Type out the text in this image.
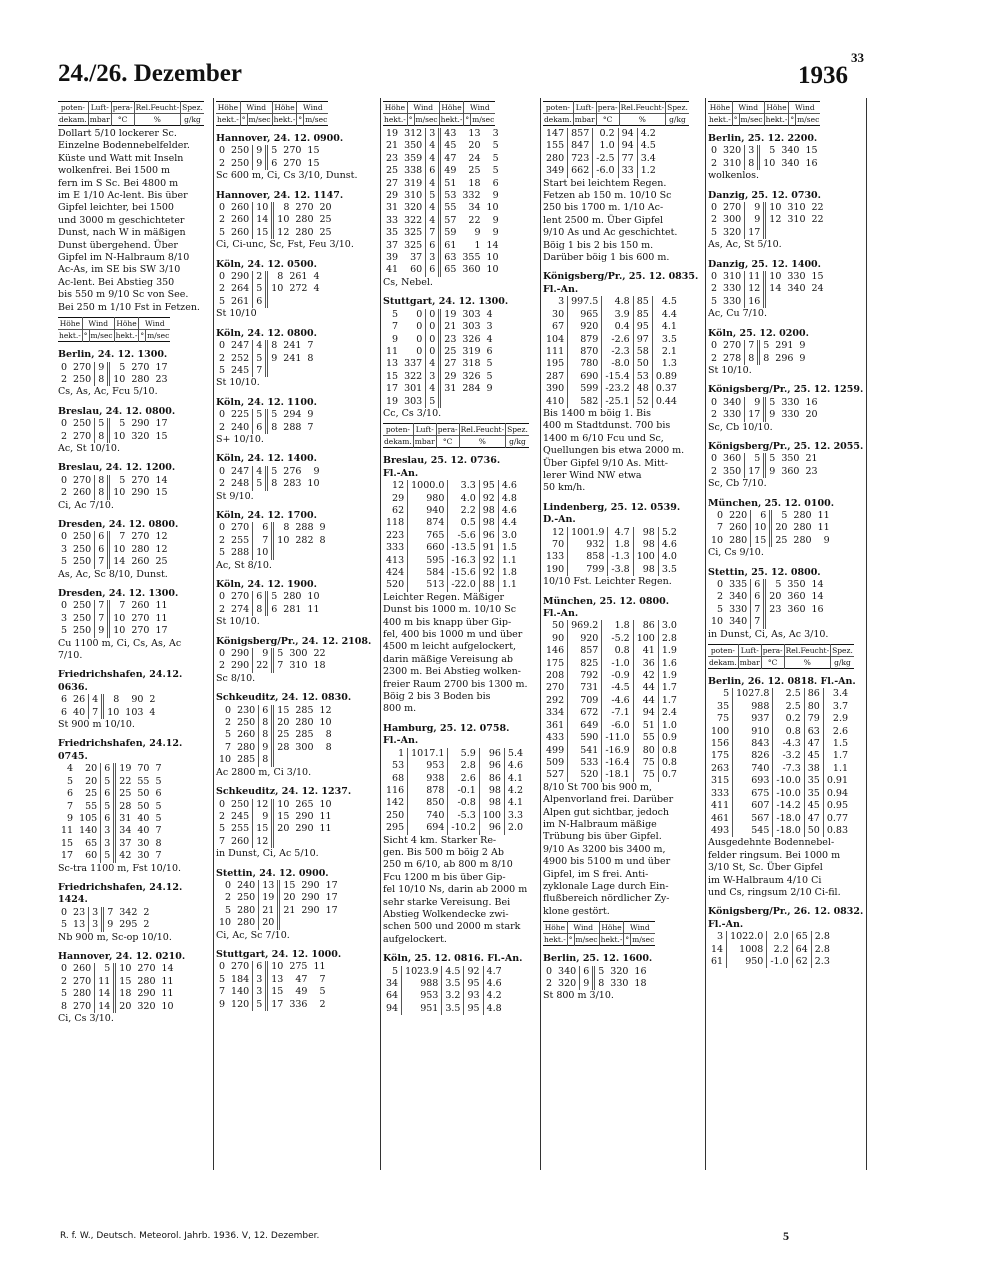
33
24./26. Dezember	1936
poten-	Luft-	pera-	Rel.Feucht-	Spez.
dekam.	mbar	°C	%	g/kg
Dollart 5/10 lockerer Sc.
Einzelne Bodennebelfelder.
Küste und Watt mit Inseln
wolkenfrei. Bei 1500 m
fern im S Sc. Bei 4800 m
im E 1/10 Ac-lent. Bis über
Gipfel leichter, bei 1500
und 3000 m geschichteter
Dunst, nach W in mäßigen
Dunst übergehend. Über
Gipfel im N-Halbraum 8/10
Ac-As, im SE bis SW 3/10
Ac-lent. Bei Abstieg 350
bis 550 m 9/10 Sc von See.
Bei 250 m 1/10 Fst in Fetzen.
Höhe	Wind		Höhe	Wind	
hekt.-	°	m/sec	hekt.-	°	m/sec
Berlin, 24. 12. 1300.
0	270	9	5	270	17
2	250	8	10	280	23
Cs, As, Ac, Fcu 5/10.
Breslau, 24. 12. 0800.
0	250	5	5	290	17
2	270	8	10	320	15
Ac, St 10/10.
Breslau, 24. 12. 1200.
0	270	8	5	270	14
2	260	8	10	290	15
Ci, Ac 7/10.
Dresden, 24. 12. 0800.
0	250	6	7	270	12
3	250	6	10	280	12
5	250	7	14	260	25
As, Ac, Sc 8/10, Dunst.
Dresden, 24. 12. 1300.
0	250	7	7	260	11
3	250	7	10	270	11
5	250	9	10	270	17
Cu 1100 m, Ci, Cs, As, Ac
7/10.
Friedrichshafen, 24.12. 0636.
6	26	4	8	90	2
6	40	7	10	103	4
St 900 m 10/10.
Friedrichshafen, 24.12. 0745.
4	20	6	19	70	7
5	20	5	22	55	5
6	25	6	25	50	6
7	55	5	28	50	5
9	105	6	31	40	5
11	140	3	34	40	7
15	65	3	37	30	8
17	60	5	42	30	7
Sc-tra 1100 m, Fst 10/10.
Friedrichshafen, 24.12. 1424.
0	23	3	7	342	2
5	13	3	9	295	2
Nb 900 m, Sc-op 10/10.
Hannover, 24. 12. 0210.
0	260	5	10	270	14
2	270	11	15	280	11
5	280	14	18	290	11
8	270	14	20	320	10
Ci, Cs 3/10.
Höhe	Wind		Höhe	Wind	
hekt.-	°	m/sec	hekt.-	°	m/sec
Hannover, 24. 12. 0900.
0	250	9	5	270	15
2	250	9	6	270	15
Sc 600 m, Ci, Cs 3/10, Dunst.
Hannover, 24. 12. 1147.
0	260	10	8	270	20
2	260	14	10	280	25
5	260	15	12	280	25
Ci, Ci-unc, Sc, Fst, Feu 3/10.
Köln, 24. 12. 0500.
0	290	2	8	261	4
2	264	5	10	272	4
5	261	6			
St 10/10
Köln, 24. 12. 0800.
0	247	4	8	241	7
2	252	5	9	241	8
5	245	7			
St 10/10.
Köln, 24. 12. 1100.
0	225	5	5	294	9
2	240	6	8	288	7
S+ 10/10.
Köln, 24. 12. 1400.
0	247	4	5	276	9
2	248	5	8	283	10
St 9/10.
Köln, 24. 12. 1700.
0	270	6	8	288	9
2	255	7	10	282	8
5	288	10			
Ac, St 8/10.
Köln, 24. 12. 1900.
0	270	6	5	280	10
2	274	8	6	281	11
St 10/10.
Königsberg/Pr., 24. 12. 2108.
0	290	9	5	300	22
2	290	22	7	310	18
Sc 8/10.
Schkeuditz, 24. 12. 0830.
0	230	6	15	285	12
2	250	8	20	280	10
5	260	8	25	285	8
7	280	9	28	300	8
10	285	8			
Ac 2800 m, Ci 3/10.
Schkeuditz, 24. 12. 1237.
0	250	12	10	265	10
2	245	9	15	290	11
5	255	15	20	290	11
7	260	12			
in Dunst, Ci, Ac 5/10.
Stettin, 24. 12. 0900.
0	240	13	15	290	17
2	250	19	20	290	17
5	280	21	21	290	17
10	280	20			
Ci, Ac, Sc 7/10.
Stuttgart, 24. 12. 1000.
0	270	6	10	275	11
5	184	3	13	47	7
7	140	3	15	49	5
9	120	5	17	336	2
Höhe	Wind		Höhe	Wind	
hekt.-	°	m/sec	hekt.-	°	m/sec
19	312	3	43	13	3
21	350	4	45	20	5
23	359	4	47	24	5
25	338	6	49	25	5
27	319	4	51	18	6
29	310	5	53	332	9
31	320	4	55	34	10
33	322	4	57	22	9
35	325	7	59	9	9
37	325	6	61	1	14
39	37	3	63	355	10
41	60	6	65	360	10
Cs, Nebel.
Stuttgart, 24. 12. 1300.
5	0	0	19	303	4
7	0	0	21	303	3
9	0	0	23	326	4
11	0	0	25	319	6
13	337	4	27	318	5
15	322	3	29	326	5
17	301	4	31	284	9
19	303	5			
Cc, Cs 3/10.
poten-	Luft-	pera-	Rel.Feucht-	Spez.
dekam.	mbar	°C	%	g/kg
Breslau, 25. 12. 0736.
Fl.-An.
12	1000.0	3.3	95	4.6
29	980	4.0	92	4.8
62	940	2.2	98	4.6
118	874	0.5	98	4.4
223	765	-5.6	96	3.0
333	660	-13.5	91	1.5
413	595	-16.3	92	1.1
424	584	-15.6	92	1.8
520	513	-22.0	88	1.1
Leichter Regen. Mäßiger
Dunst bis 1000 m. 10/10 Sc
400 m bis knapp über Gip-
fel, 400 bis 1000 m und über
4500 m leicht aufgelockert,
darin mäßige Vereisung ab
2300 m. Bei Abstieg wolken-
freier Raum 2700 bis 1300 m.
Böig 2 bis 3 Boden bis
800 m.
Hamburg, 25. 12. 0758.
Fl.-An.
1	1017.1	5.9	96	5.4
53	953	2.8	96	4.6
68	938	2.6	86	4.1
116	878	-0.1	98	4.2
142	850	-0.8	98	4.1
250	740	-5.3	100	3.3
295	694	-10.2	96	2.0
Sicht 4 km. Starker Re-
gen. Bis 500 m böig 2 Ab
250 m 6/10, ab 800 m 8/10
Fcu 1200 m bis über Gip-
fel 10/10 Ns, darin ab 2000 m
sehr starke Vereisung. Bei
Abstieg Wolkendecke zwi-
schen 500 und 2000 m stark
aufgelockert.
Köln, 25. 12. 0816. Fl.-An.
5	1023.9	4.5	92	4.7
34	988	3.5	95	4.6
64	953	3.2	93	4.2
94	951	3.5	95	4.8
poten-	Luft-	pera-	Rel.Feucht-	Spez.
dekam.	mbar	°C	%	g/kg
147	857	0.2	94	4.2
155	847	1.0	94	4.5
280	723	-2.5	77	3.4
349	662	-6.0	33	1.2
Start bei leichtem Regen.
Fetzen ab 150 m. 10/10 Sc
250 bis 1700 m. 1/10 Ac-
lent 2500 m. Über Gipfel
9/10 As und Ac geschichtet.
Böig 1 bis 2 bis 150 m.
Darüber böig 1 bis 600 m.
Königsberg/Pr., 25. 12. 0835.
Fl.-An.
3	997.5	4.8	85	4.5
30	965	3.9	85	4.4
67	920	0.4	95	4.1
104	879	-2.6	97	3.5
111	870	-2.3	58	2.1
195	780	-8.0	50	1.3
287	690	-15.4	53	0.89
390	599	-23.2	48	0.37
410	582	-25.1	52	0.44
Bis 1400 m böig 1. Bis
400 m Stadtdunst. 700 bis
1400 m 6/10 Fcu und Sc,
Quellungen bis etwa 2000 m.
Über Gipfel 9/10 As. Mitt-
lerer Wind NW etwa
50 km/h.
Lindenberg, 25. 12. 0539.
D.-An.
12	1001.9	4.7	98	5.2
70	932	1.8	98	4.6
133	858	-1.3	100	4.0
190	799	-3.8	98	3.5
10/10 Fst. Leichter Regen.
München, 25. 12. 0800.
Fl.-An.
50	969.2	1.8	86	3.0
90	920	-5.2	100	2.8
146	857	0.8	41	1.9
175	825	-1.0	36	1.6
208	792	-0.9	42	1.9
270	731	-4.5	44	1.7
292	709	-4.6	44	1.7
334	672	-7.1	94	2.4
361	649	-6.0	51	1.0
433	590	-11.0	55	0.9
499	541	-16.9	80	0.8
509	533	-16.4	75	0.8
527	520	-18.1	75	0.7
8/10 St 700 bis 900 m,
Alpenvorland frei. Darüber
Alpen gut sichtbar, jedoch
im N-Halbraum mäßige
Trübung bis über Gipfel.
9/10 As 3200 bis 3400 m,
4900 bis 5100 m und über
Gipfel, im S frei. Anti-
zyklonale Lage durch Ein-
flußbereich nördlicher Zy-
klone gestört.
Höhe	Wind		Höhe	Wind	
hekt.-	°	m/sec	hekt.-	°	m/sec
Berlin, 25. 12. 1600.
0	340	6	5	320	16
2	320	9	8	330	18
St 800 m 3/10.
Höhe	Wind		Höhe	Wind	
hekt.-	°	m/sec	hekt.-	°	m/sec
Berlin, 25. 12. 2200.
0	320	3	5	340	15
2	310	8	10	340	16
wolkenlos.
Danzig, 25. 12. 0730.
0	270	9	10	310	22
2	300	9	12	310	22
5	320	17			
As, Ac, St 5/10.
Danzig, 25. 12. 1400.
0	310	11	10	330	15
2	330	12	14	340	24
5	330	16			
Ac, Cu 7/10.
Köln, 25. 12. 0200.
0	270	7	5	291	9
2	278	8	8	296	9
St 10/10.
Königsberg/Pr., 25. 12. 1259.
0	340	9	5	330	16
2	330	17	9	330	20
Sc, Cb 10/10.
Königsberg/Pr., 25. 12. 2055.
0	360	5	5	350	21
2	350	17	9	360	23
Sc, Cb 7/10.
München, 25. 12. 0100.
0	220	6	5	280	11
7	260	10	20	280	11
10	280	15	25	280	9
Ci, Cs 9/10.
Stettin, 25. 12. 0800.
0	335	6	5	350	14
2	340	6	20	360	14
5	330	7	23	360	16
10	340	7			
in Dunst, Ci, As, Ac 3/10.
poten-	Luft-	pera-	Rel.Feucht-	Spez.
dekam.	mbar	°C	%	g/kg
Berlin, 26. 12. 0818. Fl.-An.
5	1027.8	2.5	86	3.4
35	988	2.5	80	3.7
75	937	0.2	79	2.9
100	910	0.8	63	2.6
156	843	-4.3	47	1.5
175	826	-3.2	45	1.7
263	740	-7.3	38	1.1
315	693	-10.0	35	0.91
333	675	-10.0	35	0.94
411	607	-14.2	45	0.95
461	567	-18.0	47	0.77
493	545	-18.0	50	0.83
Ausgedehnte Bodennebel-
felder ringsum. Bei 1000 m
3/10 St, Sc. Über Gipfel
im W-Halbraum 4/10 Ci
und Cs, ringsum 2/10 Ci-fil.
Königsberg/Pr., 26. 12. 0832.
Fl.-An.
3	1022.0	2.0	65	2.8
14	1008	2.2	64	2.8
61	950	-1.0	62	2.3
R. f. W., Deutsch. Meteorol. Jahrb. 1936. V, 12. Dezember.	5
